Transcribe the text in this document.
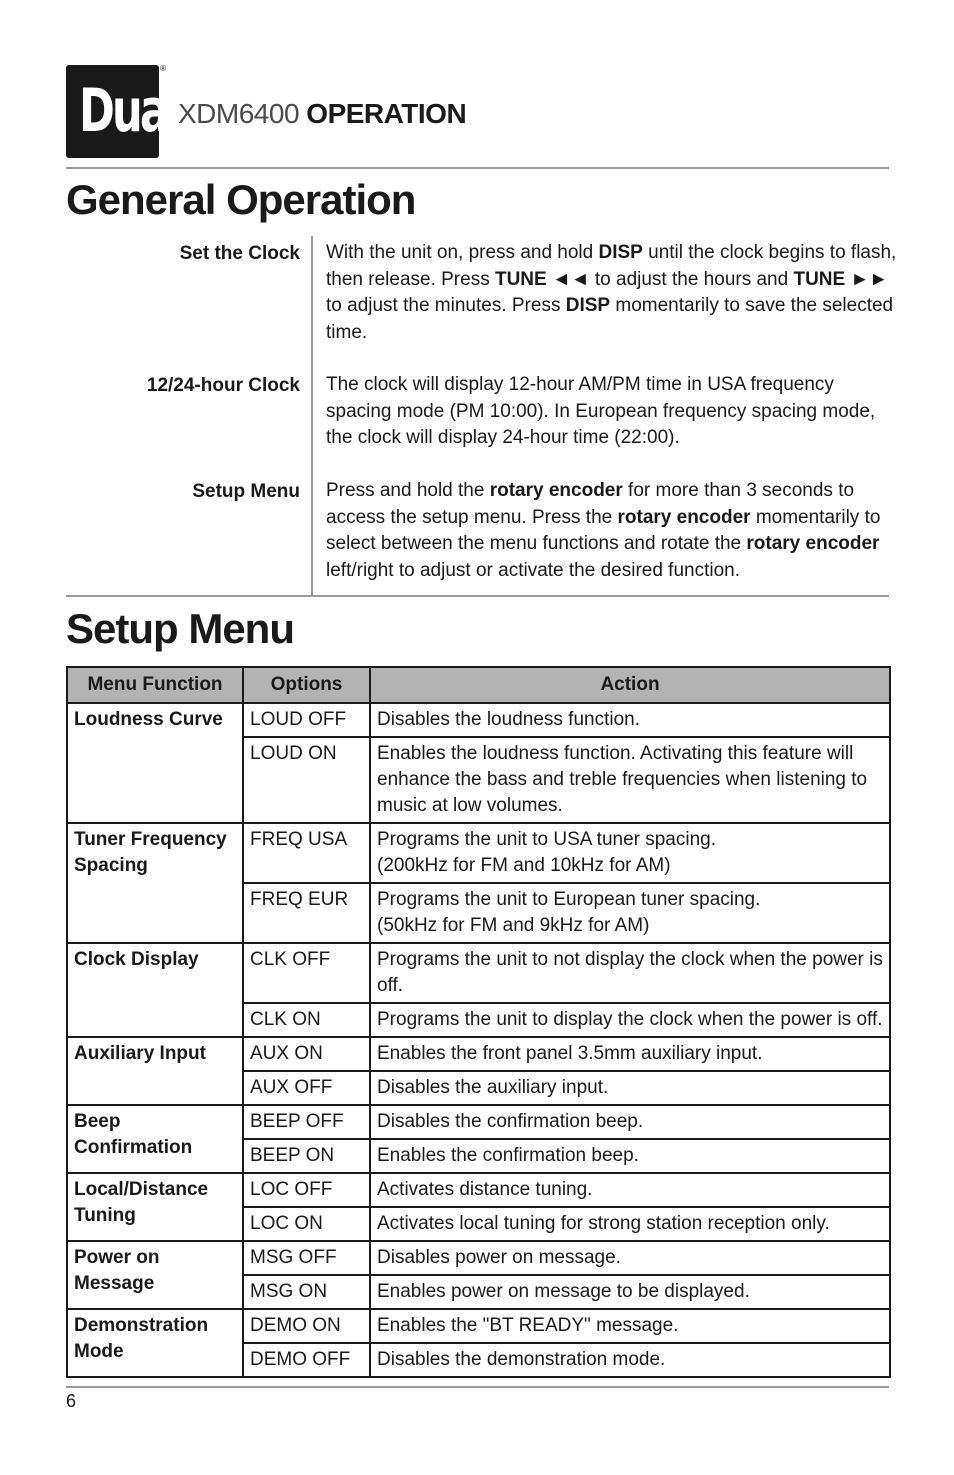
Dual
®
XDM6400 OPERATION
General Operation
Set the Clock With the unit on, press and hold DISP until the clock begins to flash, then release. Press TUNE ◄◄ to adjust the hours and TUNE ►► to adjust the minutes. Press DISP momentarily to save the selected time.
12/24-hour Clock The clock will display 12-hour AM/PM time in USA frequency spacing mode (PM 10:00). In European frequency spacing mode, the clock will display 24-hour time (22:00).
Setup Menu Press and hold the rotary encoder for more than 3 seconds to access the setup menu. Press the rotary encoder momentarily to select between the menu functions and rotate the rotary encoder left/right to adjust or activate the desired function.
Setup Menu
Menu Function	Options	Action
Loudness Curve	LOUD OFF	Disables the loudness function.
	LOUD ON	Enables the loudness function. Activating this feature will enhance the bass and treble frequencies when listening to music at low volumes.
Tuner Frequency Spacing	FREQ USA	Programs the unit to USA tuner spacing.
(200kHz for FM and 10kHz for AM)
	FREQ EUR	Programs the unit to European tuner spacing.
(50kHz for FM and 9kHz for AM)
Clock Display	CLK OFF	Programs the unit to not display the clock when the power is off.
	CLK ON	Programs the unit to display the clock when the power is off.
Auxiliary Input	AUX ON	Enables the front panel 3.5mm auxiliary input.
	AUX OFF	Disables the auxiliary input.
Beep Confirmation	BEEP OFF	Disables the confirmation beep.
	BEEP ON	Enables the confirmation beep.
Local/Distance Tuning	LOC OFF	Activates distance tuning.
	LOC ON	Activates local tuning for strong station reception only.
Power on Message	MSG OFF	Disables power on message.
	MSG ON	Enables power on message to be displayed.
Demonstration Mode	DEMO ON	Enables the "BT READY" message.
	DEMO OFF	Disables the demonstration mode.
6
